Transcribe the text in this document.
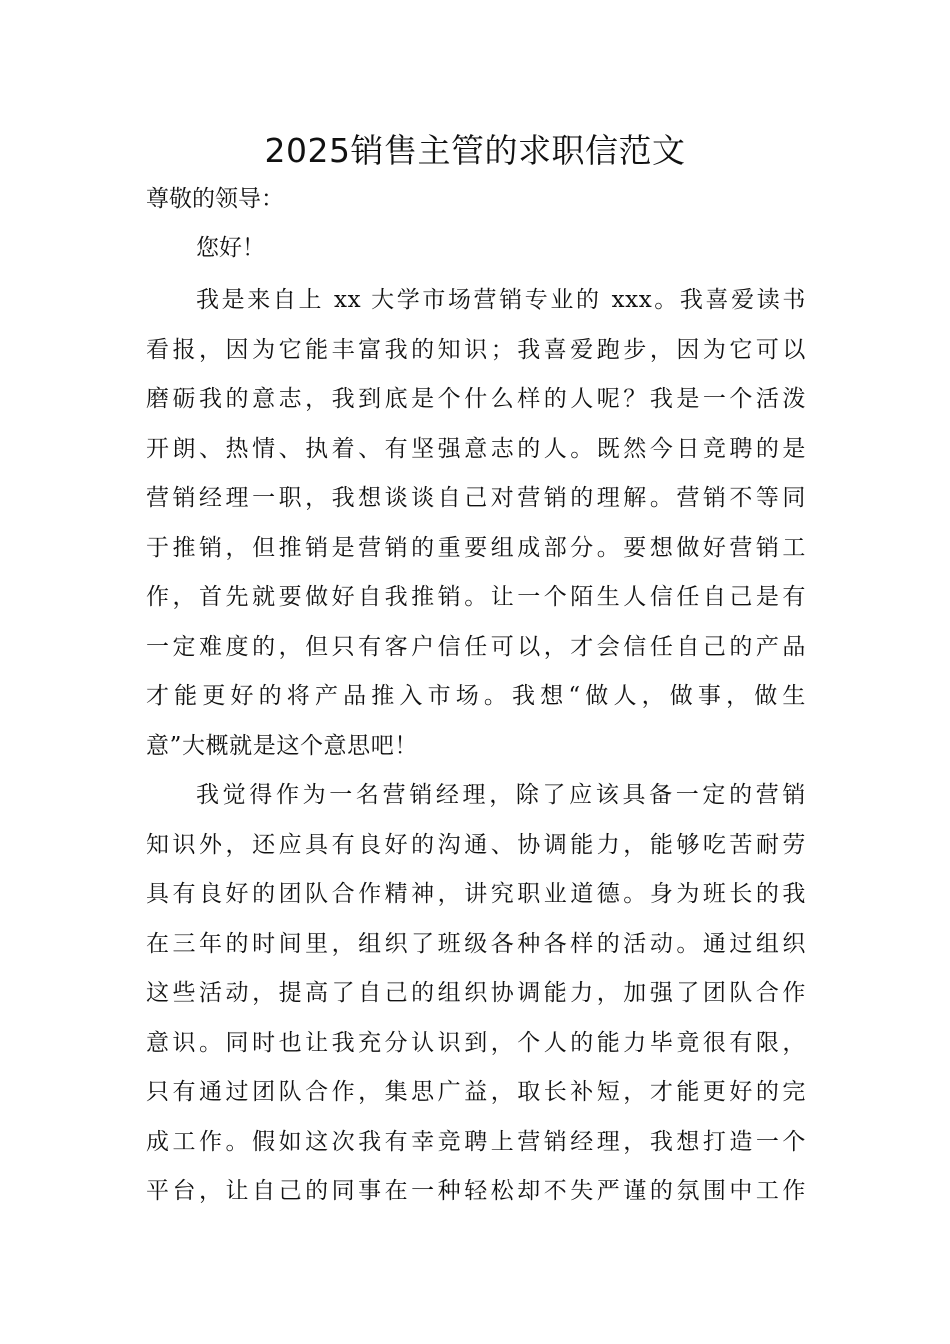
2025销售主管的求职信范文

尊敬的领导：

您好！

我是来自上 xx 大学市场营销专业的 xxx。我喜爱读书
看报，因为它能丰富我的知识；我喜爱跑步，因为它可以
磨砺我的意志，我到底是个什么样的人呢？我是一个活泼
开朗、热情、执着、有坚强意志的人。既然今日竞聘的是
营销经理一职，我想谈谈自己对营销的理解。营销不等同
于推销，但推销是营销的重要组成部分。要想做好营销工
作，首先就要做好自我推销。让一个陌生人信任自己是有
一定难度的，但只有客户信任可以，才会信任自己的产品
才能更好的将产品推入市场。我想“做人，做事，做生
意”大概就是这个意思吧！
我觉得作为一名营销经理，除了应该具备一定的营销
知识外，还应具有良好的沟通、协调能力，能够吃苦耐劳
具有良好的团队合作精神，讲究职业道德。身为班长的我
在三年的时间里，组织了班级各种各样的活动。通过组织
这些活动，提高了自己的组织协调能力，加强了团队合作
意识。同时也让我充分认识到，个人的能力毕竟很有限，
只有通过团队合作，集思广益，取长补短，才能更好的完
成工作。假如这次我有幸竞聘上营销经理，我想打造一个
平台，让自己的同事在一种轻松却不失严谨的氛围中工作
